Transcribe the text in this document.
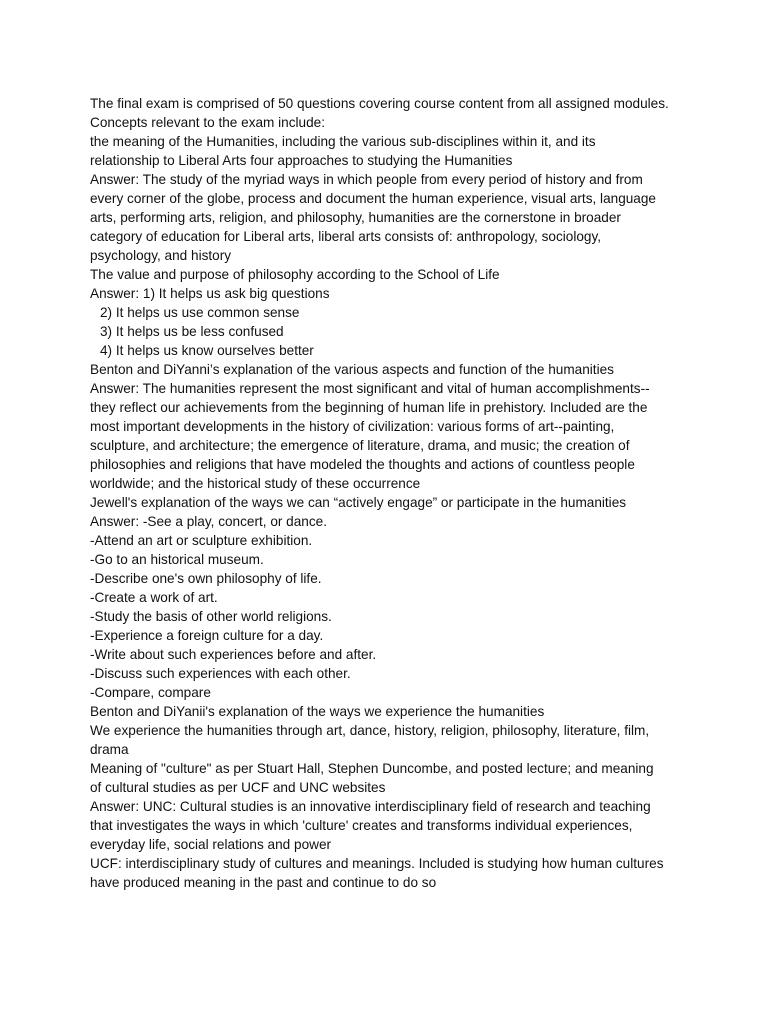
The final exam is comprised of 50 questions covering course content from all assigned modules.
Concepts relevant to the exam include:
the meaning of the Humanities, including the various sub-disciplines within it, and its
relationship to Liberal Arts four approaches to studying the Humanities
Answer: The study of the myriad ways in which people from every period of history and from
every corner of the globe, process and document the human experience, visual arts, language
arts, performing arts, religion, and philosophy, humanities are the cornerstone in broader
category of education for Liberal arts, liberal arts consists of: anthropology, sociology,
psychology, and history
The value and purpose of philosophy according to the School of Life
Answer: 1) It helps us ask big questions
2) It helps us use common sense
3) It helps us be less confused
4) It helps us know ourselves better
Benton and DiYanni’s explanation of the various aspects and function of the humanities
Answer: The humanities represent the most significant and vital of human accomplishments--
they reflect our achievements from the beginning of human life in prehistory. Included are the
most important developments in the history of civilization: various forms of art--painting,
sculpture, and architecture; the emergence of literature, drama, and music; the creation of
philosophies and religions that have modeled the thoughts and actions of countless people
worldwide; and the historical study of these occurrence
Jewell's explanation of the ways we can “actively engage” or participate in the humanities
Answer: -See a play, concert, or dance.
-Attend an art or sculpture exhibition.
-Go to an historical museum.
-Describe one's own philosophy of life.
-Create a work of art.
-Study the basis of other world religions.
-Experience a foreign culture for a day.
-Write about such experiences before and after.
-Discuss such experiences with each other.
-Compare, compare
Benton and DiYanii's explanation of the ways we experience the humanities
We experience the humanities through art, dance, history, religion, philosophy, literature, film,
drama
Meaning of "culture" as per Stuart Hall, Stephen Duncombe, and posted lecture; and meaning
of cultural studies as per UCF and UNC websites
Answer: UNC: Cultural studies is an innovative interdisciplinary field of research and teaching
that investigates the ways in which 'culture' creates and transforms individual experiences,
everyday life, social relations and power
UCF: interdisciplinary study of cultures and meanings. Included is studying how human cultures
have produced meaning in the past and continue to do so
